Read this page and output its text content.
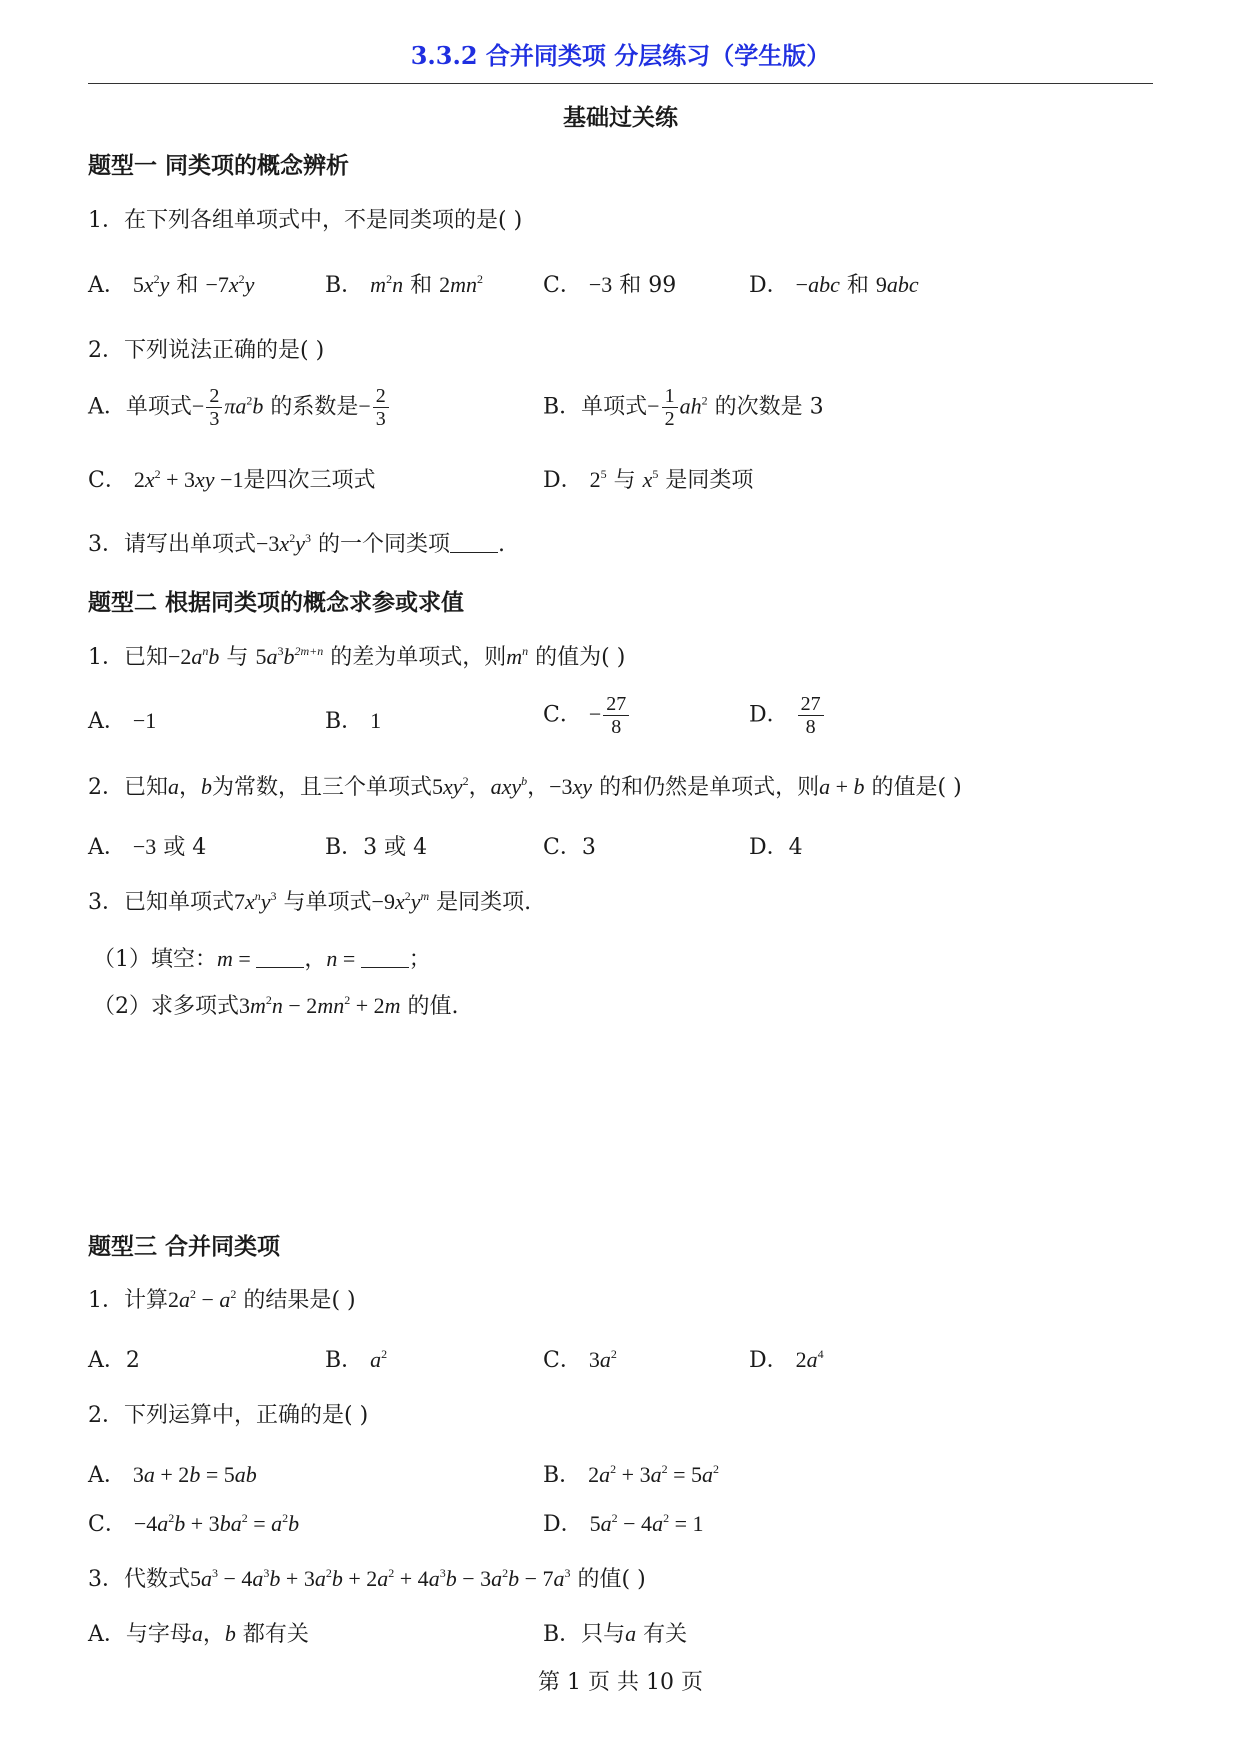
3.3.2 合并同类项 分层练习（学生版）
基础过关练
题型一 同类项的概念辨析
1．在下列各组单项式中，不是同类项的是( )
A． $5x^2y$ 和 $-7x^2y$	B． $m^2n$ 和 $2mn^2$	C． −3 和 99	D． −abc 和 9abc
2．下列说法正确的是( )
A．单项式− $\frac{2}{3} \pi a^2b$ 的系数是− $\frac{2}{3}$	B．单项式− $\frac{1}{2} ah^2$ 的次数是 3
C． $2x^2 + 3xy -1$是四次三项式	D． $2^5$ 与 $x^5$ 是同类项
3．请写出单项式$-3x^2y^3$ 的一个同类项 .
题型二 根据同类项的概念求参或求值
1．已知$-2a^nb$ 与 $5a^3b^{2m+n}$ 的差为单项式，则$m^n$ 的值为( )
A． −1	B． 1	C． − $\frac{27}{8}$	D． $\frac{27}{8}$
2．已知a，b为常数，且三个单项式$5xy^2$，axy$^b$，−3xy 的和仍然是单项式，则a + b 的值是( )
A． −3 或 4	B．3 或 4	C．3	D．4
3．已知单项式$7x^ny^3$ 与单项式$-9x^2y^m$ 是同类项.
（1）填空：m = ，n = ；
（2）求多项式$3m^2n - 2mn^2 + 2m$ 的值.
题型三 合并同类项
1．计算$2a^2 - a^2$ 的结果是( )
A．2	B． $a^2$	C． $3a^2$	D． $2a^4$
2．下列运算中，正确的是( )
A． 3a + 2b = 5ab	B． $2a^2 + 3a^2 = 5a^2$
C． $-4a^2b + 3ba^2 = a^2b$	D． $5a^2 - 4a^2 = 1$
3．代数式$5a^3 - 4a^3b + 3a^2b + 2a^2 + 4a^3b - 3a^2b - 7a^3$ 的值( )
A．与字母a，b 都有关	B．只与a 有关
第 1 页 共 10 页
